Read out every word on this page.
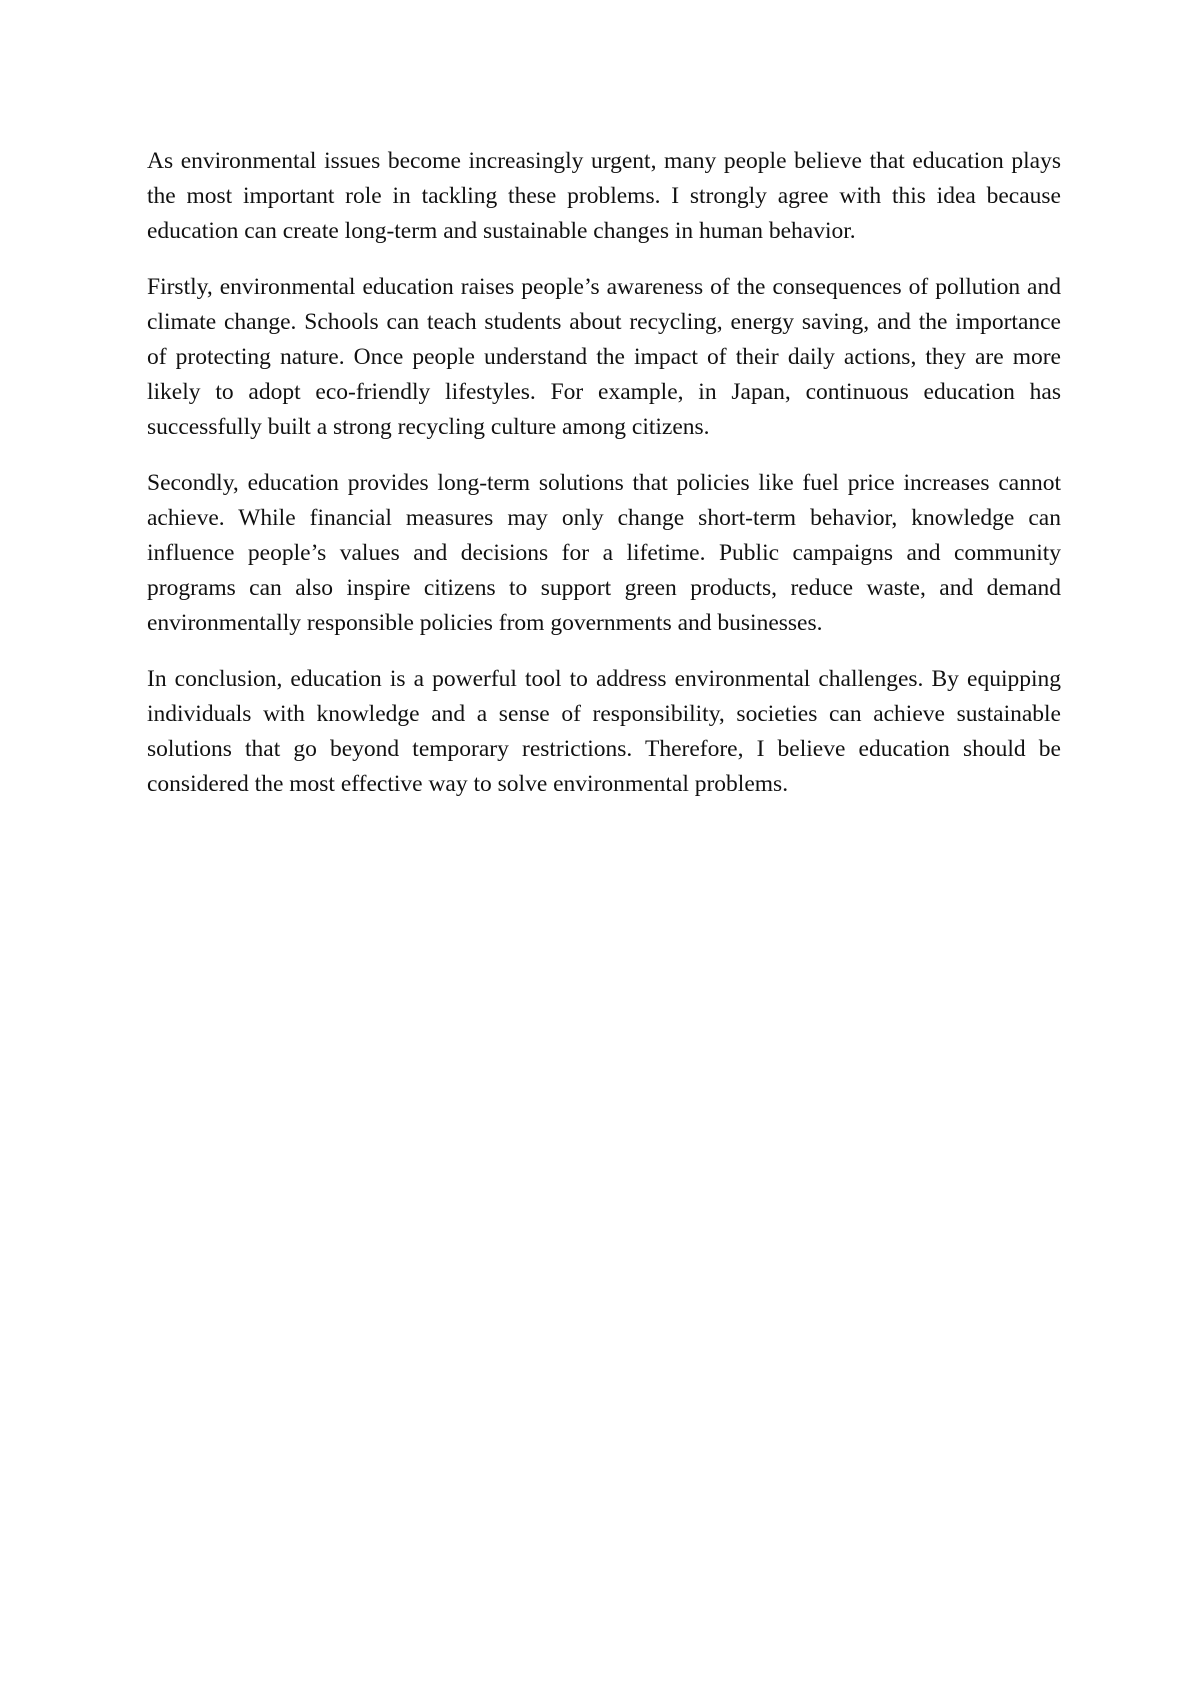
As environmental issues become increasingly urgent, many people believe that education plays the most important role in tackling these problems. I strongly agree with this idea because education can create long-term and sustainable changes in human behavior.

Firstly, environmental education raises people’s awareness of the consequences of pollution and climate change. Schools can teach students about recycling, energy saving, and the importance of protecting nature. Once people understand the impact of their daily actions, they are more likely to adopt eco-friendly lifestyles. For example, in Japan, continuous education has successfully built a strong recycling culture among citizens.

Secondly, education provides long-term solutions that policies like fuel price increases cannot achieve. While financial measures may only change short-term behavior, knowledge can influence people’s values and decisions for a lifetime. Public campaigns and community programs can also inspire citizens to support green products, reduce waste, and demand environmentally responsible policies from governments and businesses.

In conclusion, education is a powerful tool to address environmental challenges. By equipping individuals with knowledge and a sense of responsibility, societies can achieve sustainable solutions that go beyond temporary restrictions. Therefore, I believe education should be considered the most effective way to solve environmental problems.
